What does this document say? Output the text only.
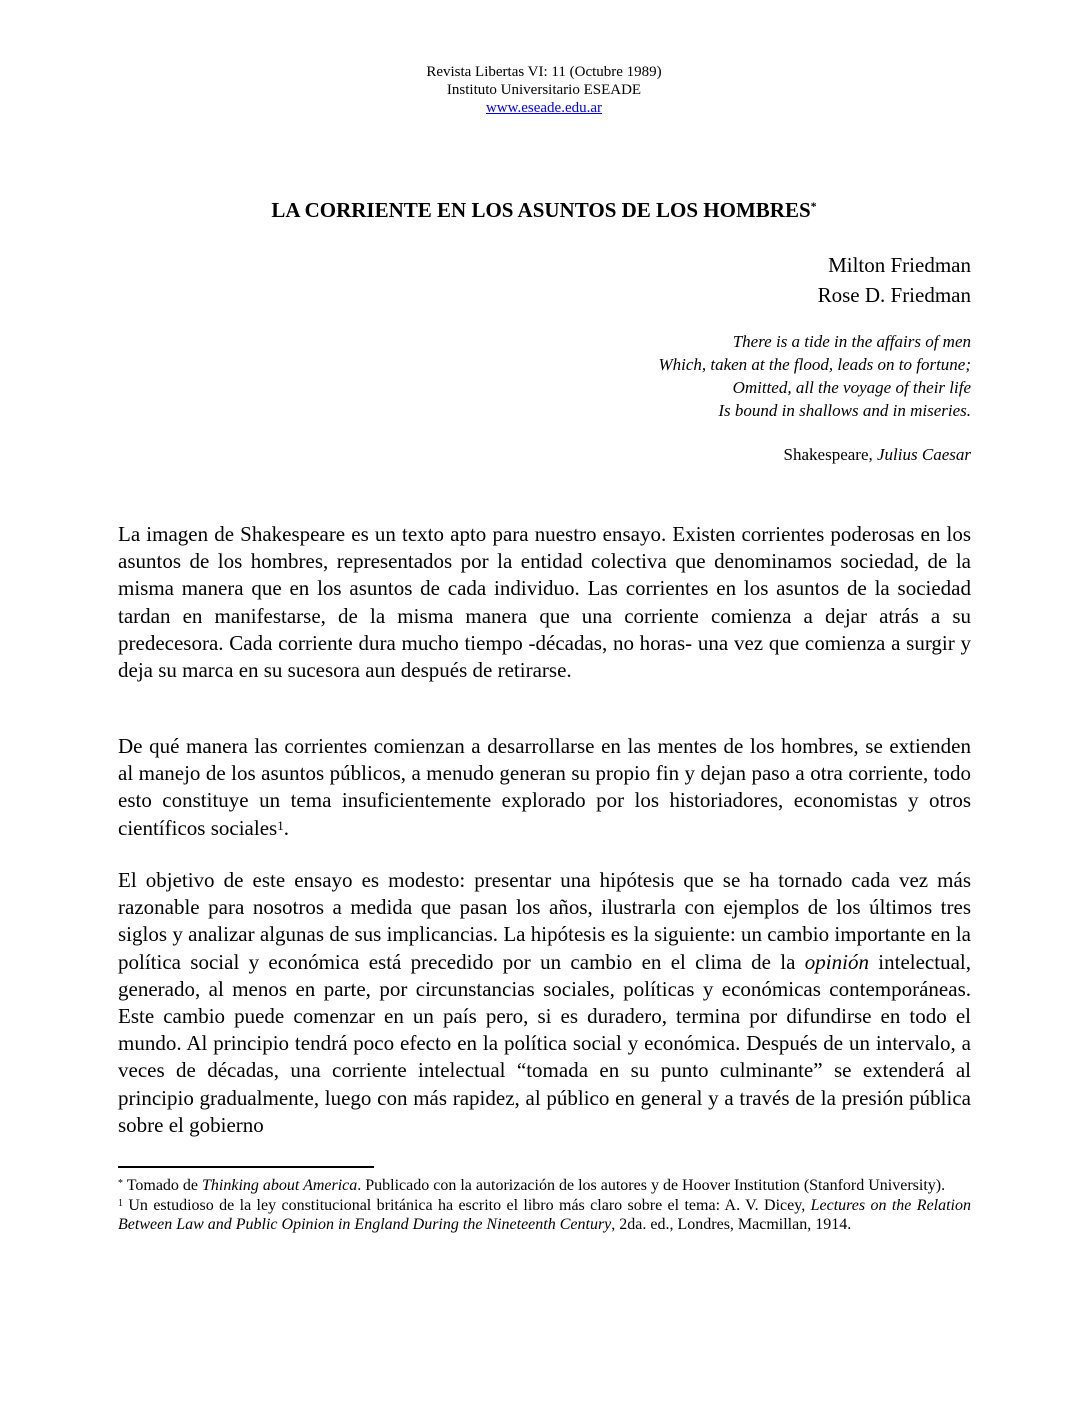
Revista Libertas VI: 11 (Octubre 1989)
Instituto Universitario ESEADE
www.eseade.edu.ar
LA CORRIENTE EN LOS ASUNTOS DE LOS HOMBRES*
Milton Friedman
Rose D. Friedman
There is a tide in the affairs of men
Which, taken at the flood, leads on to fortune;
Omitted, all the voyage of their life
Is bound in shallows and in miseries.
Shakespeare, Julius Caesar

La imagen de Shakespeare es un texto apto para nuestro ensayo. Existen corrientes poderosas en los asuntos de los hombres, representados por la entidad colectiva que denominamos sociedad, de la misma manera que en los asuntos de cada individuo. Las corrientes en los asuntos de la sociedad tardan en manifestarse, de la misma manera que una corriente comienza a dejar atrás a su predecesora. Cada corriente dura mucho tiempo -décadas, no horas- una vez que comienza a surgir y deja su marca en su sucesora aun después de retirarse.

De qué manera las corrientes comienzan a desarrollarse en las mentes de los hombres, se extienden al manejo de los asuntos públicos, a menudo generan su propio fin y dejan paso a otra corriente, todo esto constituye un tema insuficientemente explorado por los historiadores, economistas y otros científicos sociales$^1$.

El objetivo de este ensayo es modesto: presentar una hipótesis que se ha tornado cada vez más razonable para nosotros a medida que pasan los años, ilustrarla con ejemplos de los últimos tres siglos y analizar algunas de sus implicancias. La hipótesis es la siguiente: un cambio importante en la política social y económica está precedido por un cambio en el clima de la opinión intelectual, generado, al menos en parte, por circunstancias sociales, políticas y económicas contemporáneas. Este cambio puede comenzar en un país pero, si es duradero, termina por difundirse en todo el mundo. Al principio tendrá poco efecto en la política social y económica. Después de un intervalo, a veces de décadas, una corriente intelectual “tomada en su punto culminante” se extenderá al principio gradualmente, luego con más rapidez, al público en general y a través de la presión pública sobre el gobierno

* Tomado de Thinking about America. Publicado con la autorización de los autores y de Hoover Institution (Stanford University).

$^1$ Un estudioso de la ley constitucional británica ha escrito el libro más claro sobre el tema: A. V. Dicey, Lectures on the Relation Between Law and Public Opinion in England During the Nineteenth Century, 2da. ed., Londres, Macmillan, 1914.
